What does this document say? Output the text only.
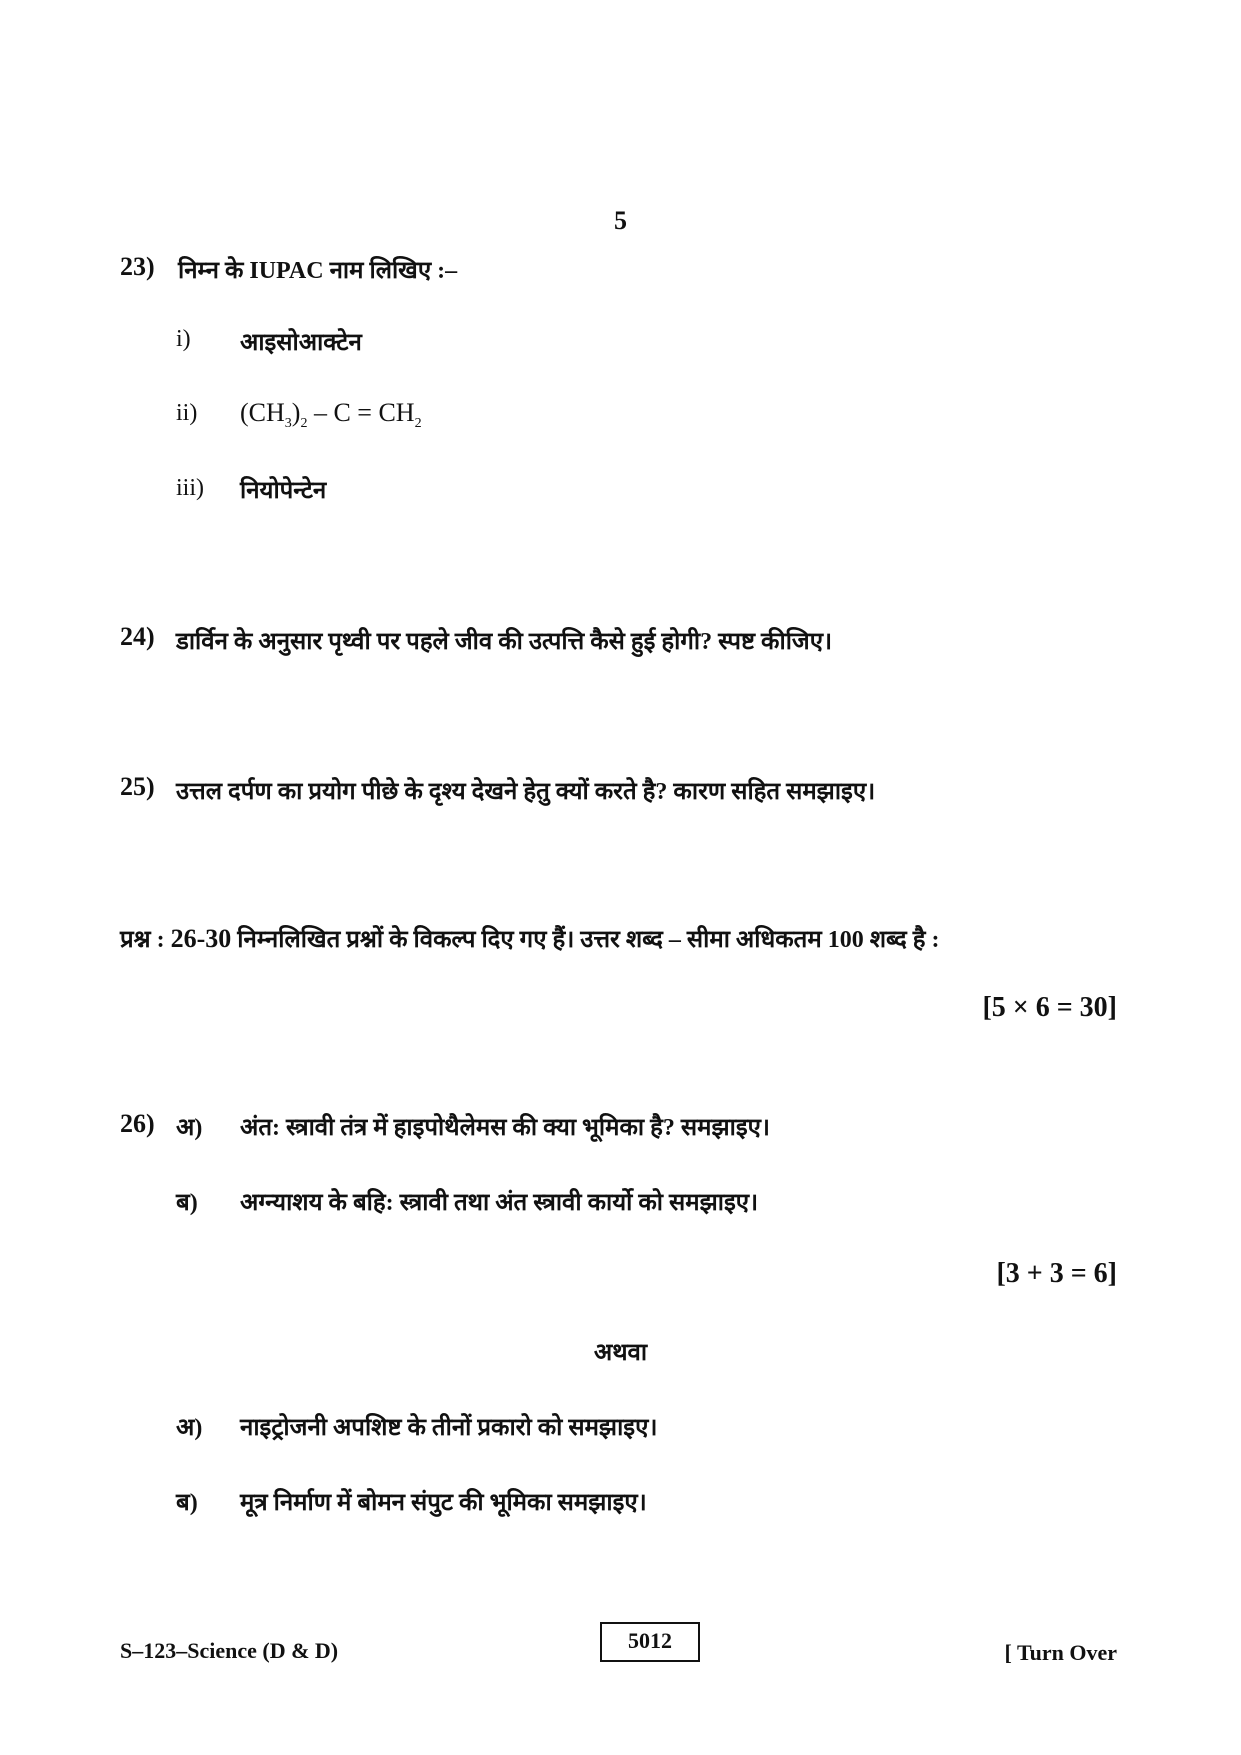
5
23) निम्न के IUPAC नाम लिखिए :–
i) आइसोआक्टेन
ii) $(CH_3)_2 - C = CH_2$
iii) नियोपेन्टेन
24) डार्विन के अनुसार पृथ्वी पर पहले जीव की उत्पत्ति कैसे हुई होगी? स्पष्ट कीजिए।
25) उत्तल दर्पण का प्रयोग पीछे के दृश्य देखने हेतु क्यों करते है? कारण सहित समझाइए।
प्रश्न : 26-30 निम्नलिखित प्रश्नों के विकल्प दिए गए हैं। उत्तर शब्द – सीमा अधिकतम 100 शब्द है :
[5 × 6 = 30]
26) अ) अंत: स्त्रावी तंत्र में हाइपोथैलेमस की क्या भूमिका है? समझाइए।
ब) अग्न्याशय के बहि: स्त्रावी तथा अंत स्त्रावी कार्यो को समझाइए।
[3 + 3 = 6]
अथवा
अ) नाइट्रोजनी अपशिष्ट के तीनों प्रकारो को समझाइए।
ब) मूत्र निर्माण में बोमन संपुट की भूमिका समझाइए।
S–123–Science (D & D)	5012	[ Turn Over
